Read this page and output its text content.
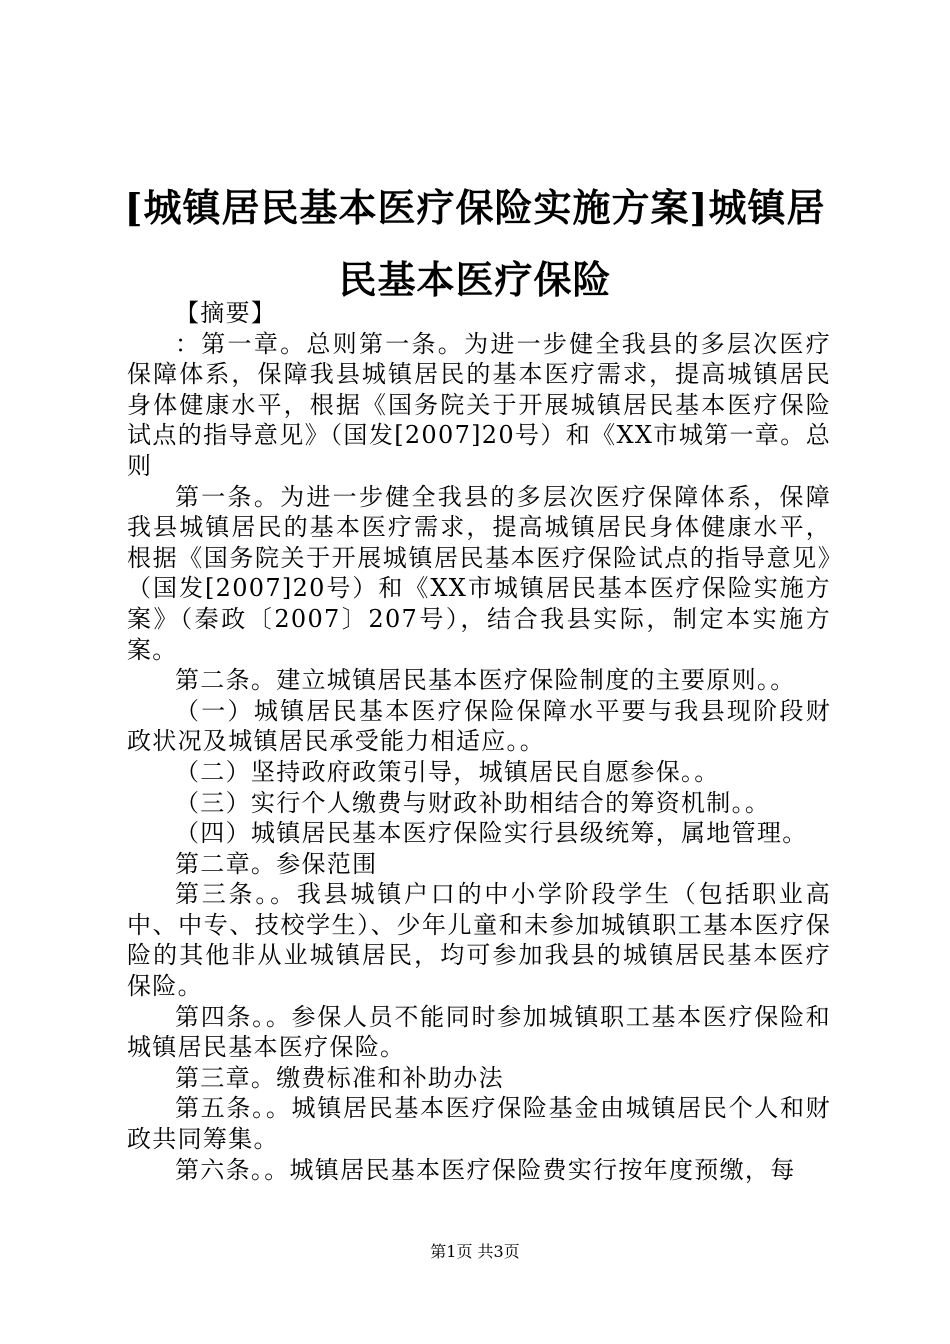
[城镇居民基本医疗保险实施方案]城镇居民基本医疗保险

【摘要】

：第一章。总则第一条。为进一步健全我县的多层次医疗保障体系，保障我县城镇居民的基本医疗需求，提高城镇居民身体健康水平，根据《国务院关于开展城镇居民基本医疗保险试点的指导意见》（国发[2007]20号）和《XX市城第一章。总则

第一条。为进一步健全我县的多层次医疗保障体系，保障我县城镇居民的基本医疗需求，提高城镇居民身体健康水平，根据《国务院关于开展城镇居民基本医疗保险试点的指导意见》（国发[2007]20号）和《XX市城镇居民基本医疗保险实施方案》（秦政〔2007〕207号），结合我县实际，制定本实施方案。

第二条。建立城镇居民基本医疗保险制度的主要原则。。

（一）城镇居民基本医疗保险保障水平要与我县现阶段财政状况及城镇居民承受能力相适应。。

（二）坚持政府政策引导，城镇居民自愿参保。。

（三）实行个人缴费与财政补助相结合的筹资机制。。

（四）城镇居民基本医疗保险实行县级统筹，属地管理。

第二章。参保范围

第三条。。我县城镇户口的中小学阶段学生（包括职业高中、中专、技校学生）、少年儿童和未参加城镇职工基本医疗保险的其他非从业城镇居民，均可参加我县的城镇居民基本医疗保险。

第四条。。参保人员不能同时参加城镇职工基本医疗保险和城镇居民基本医疗保险。

第三章。缴费标准和补助办法

第五条。。城镇居民基本医疗保险基金由城镇居民个人和财政共同筹集。

第六条。。城镇居民基本医疗保险费实行按年度预缴，每

第1页 共3页
